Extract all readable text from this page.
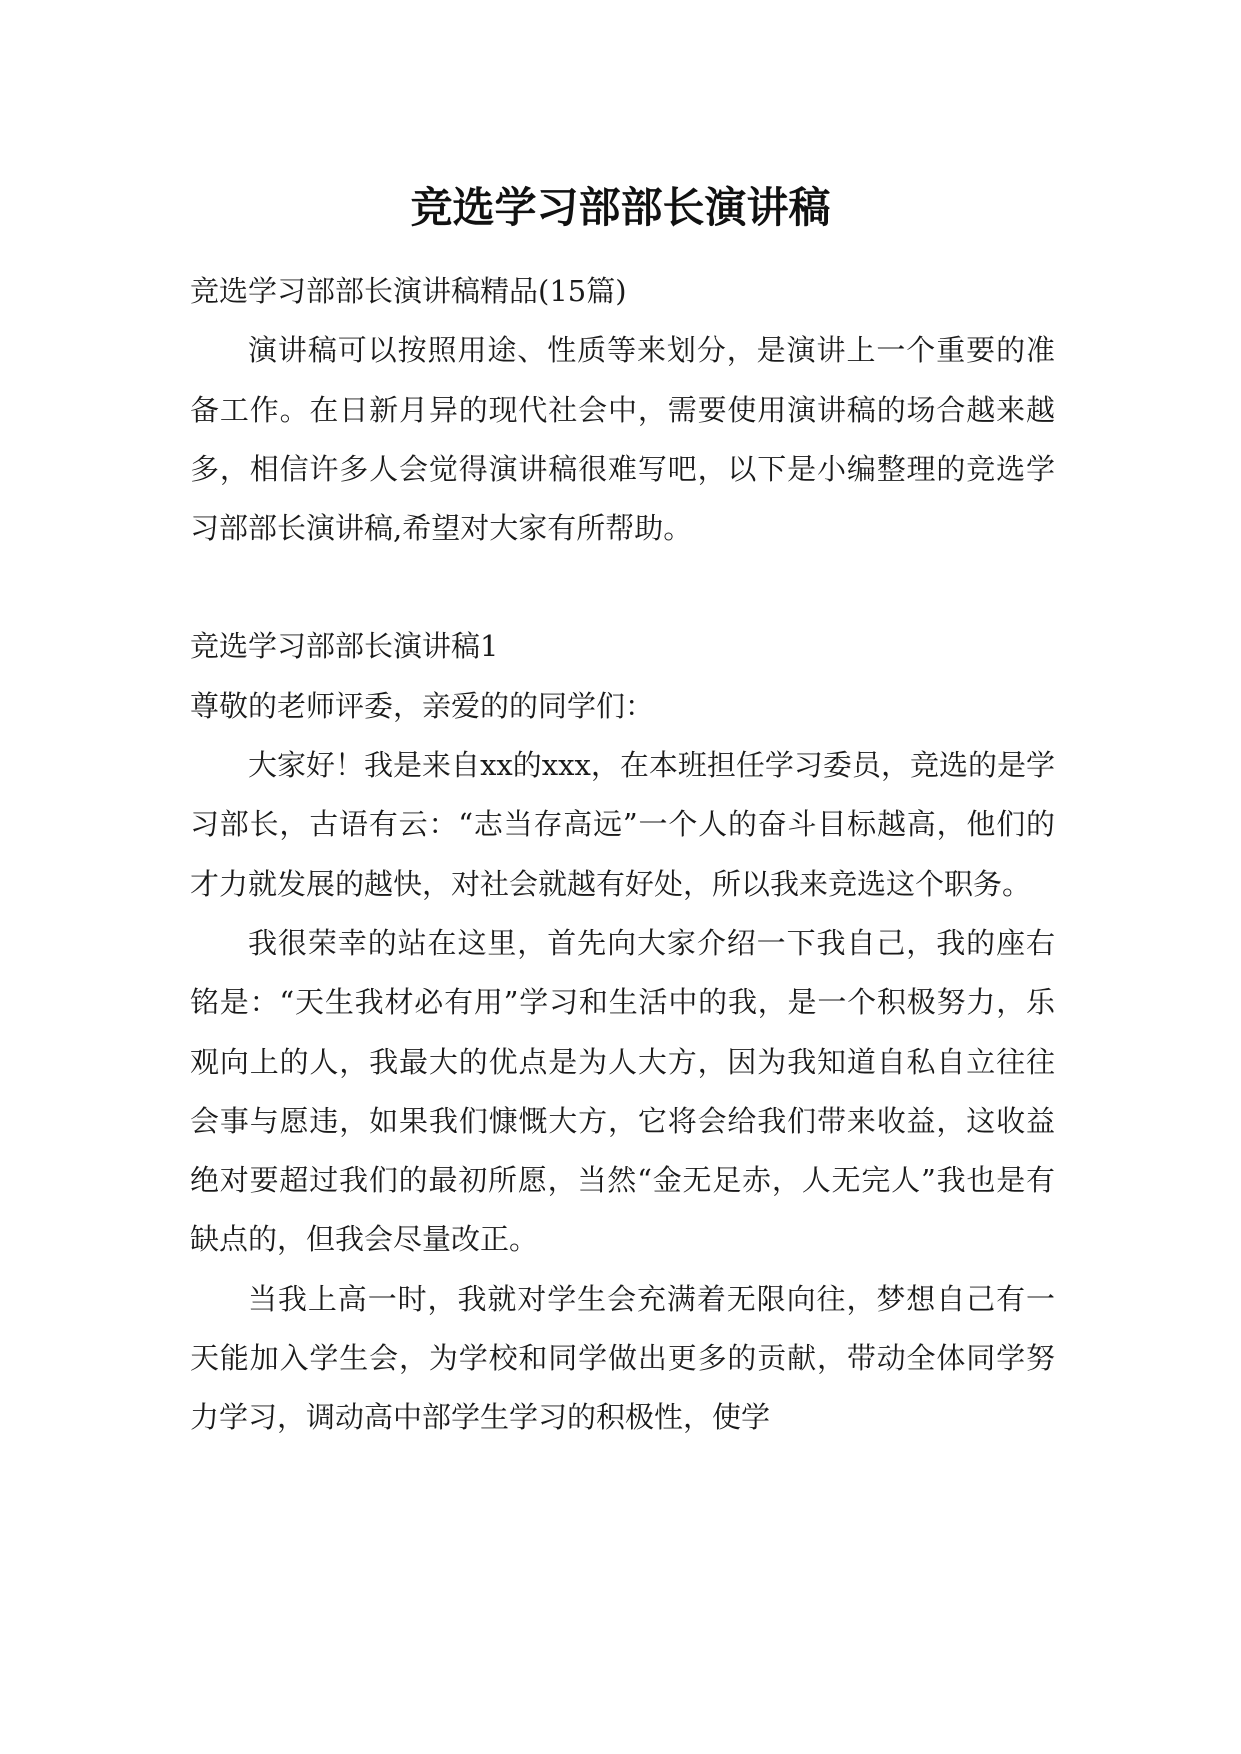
竞选学习部部长演讲稿

竞选学习部部长演讲稿精品(15篇)

演讲稿可以按照用途、性质等来划分，是演讲上一个重要的准备工作。在日新月异的现代社会中，需要使用演讲稿的场合越来越多，相信许多人会觉得演讲稿很难写吧，以下是小编整理的竞选学习部部长演讲稿,希望对大家有所帮助。

竞选学习部部长演讲稿1

尊敬的老师评委，亲爱的的同学们：

大家好！我是来自xx的xxx，在本班担任学习委员，竞选的是学习部长，古语有云：“志当存高远”一个人的奋斗目标越高，他们的才力就发展的越快，对社会就越有好处，所以我来竞选这个职务。

我很荣幸的站在这里，首先向大家介绍一下我自己，我的座右铭是：“天生我材必有用”学习和生活中的我，是一个积极努力，乐观向上的人，我最大的优点是为人大方，因为我知道自私自立往往会事与愿违，如果我们慷慨大方，它将会给我们带来收益，这收益绝对要超过我们的最初所愿，当然“金无足赤，人无完人”我也是有缺点的，但我会尽量改正。

当我上高一时，我就对学生会充满着无限向往，梦想自己有一天能加入学生会，为学校和同学做出更多的贡献，带动全体同学努力学习，调动高中部学生学习的积极性，使学
